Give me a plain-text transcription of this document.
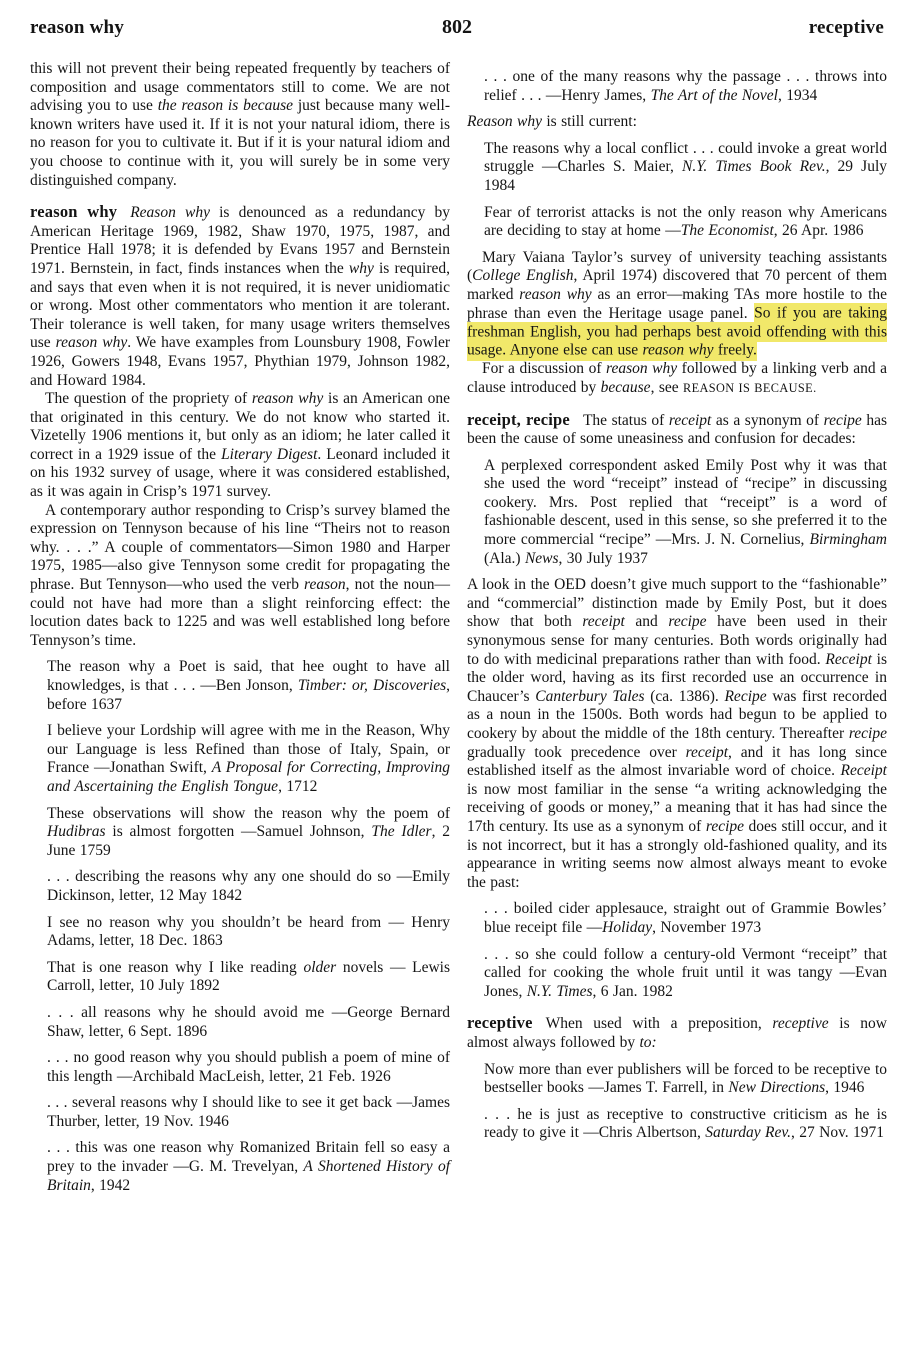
reason why	802	receptive

this will not prevent their being repeated frequently by teachers of composition and usage commentators still to come. We are not advising you to use the reason is because just because many well-known writers have used it. If it is not your natural idiom, there is no reason for you to cultivate it. But if it is your natural idiom and you choose to continue with it, you will surely be in some very distinguished company.

reason why Reason why is denounced as a redundancy by American Heritage 1969, 1982, Shaw 1970, 1975, 1987, and Prentice Hall 1978; it is defended by Evans 1957 and Bernstein 1971. Bernstein, in fact, finds instances when the why is required, and says that even when it is not required, it is never unidiomatic or wrong. Most other commentators who mention it are tolerant. Their tolerance is well taken, for many usage writers themselves use reason why. We have examples from Lounsbury 1908, Fowler 1926, Gowers 1948, Evans 1957, Phythian 1979, Johnson 1982, and Howard 1984.

The question of the propriety of reason why is an American one that originated in this century. We do not know who started it. Vizetelly 1906 mentions it, but only as an idiom; he later called it correct in a 1929 issue of the Literary Digest. Leonard included it on his 1932 survey of usage, where it was considered established, as it was again in Crisp’s 1971 survey.

A contemporary author responding to Crisp’s survey blamed the expression on Tennyson because of his line “Theirs not to reason why. . . .” A couple of commentators—Simon 1980 and Harper 1975, 1985—also give Tennyson some credit for propagating the phrase. But Tennyson—who used the verb reason, not the noun—could not have had more than a slight reinforcing effect: the locution dates back to 1225 and was well established long before Tennyson’s time.

The reason why a Poet is said, that hee ought to have all knowledges, is that . . . —Ben Jonson, Timber: or, Discoveries, before 1637

I believe your Lordship will agree with me in the Reason, Why our Language is less Refined than those of Italy, Spain, or France —Jonathan Swift, A Proposal for Correcting, Improving and Ascertaining the English Tongue, 1712

These observations will show the reason why the poem of Hudibras is almost forgotten —Samuel Johnson, The Idler, 2 June 1759

. . . describing the reasons why any one should do so —Emily Dickinson, letter, 12 May 1842

I see no reason why you shouldn’t be heard from — Henry Adams, letter, 18 Dec. 1863

That is one reason why I like reading older novels — Lewis Carroll, letter, 10 July 1892

. . . all reasons why he should avoid me —George Bernard Shaw, letter, 6 Sept. 1896

. . . no good reason why you should publish a poem of mine of this length —Archibald MacLeish, letter, 21 Feb. 1926

. . . several reasons why I should like to see it get back —James Thurber, letter, 19 Nov. 1946

. . . this was one reason why Romanized Britain fell so easy a prey to the invader —G. M. Trevelyan, A Shortened History of Britain, 1942

. . . one of the many reasons why the passage . . . throws into relief . . . —Henry James, The Art of the Novel, 1934

Reason why is still current:

The reasons why a local conflict . . . could invoke a great world struggle —Charles S. Maier, N.Y. Times Book Rev., 29 July 1984

Fear of terrorist attacks is not the only reason why Americans are deciding to stay at home —The Economist, 26 Apr. 1986

Mary Vaiana Taylor’s survey of university teaching assistants (College English, April 1974) discovered that 70 percent of them marked reason why as an error—making TAs more hostile to the phrase than even the Heritage usage panel. So if you are taking freshman English, you had perhaps best avoid offending with this usage. Anyone else can use reason why freely.

For a discussion of reason why followed by a linking verb and a clause introduced by because, see REASON IS BECAUSE.

receipt, recipe The status of receipt as a synonym of recipe has been the cause of some uneasiness and confusion for decades:

A perplexed correspondent asked Emily Post why it was that she used the word “receipt” instead of “recipe” in discussing cookery. Mrs. Post replied that “receipt” is a word of fashionable descent, used in this sense, so she preferred it to the more commercial “recipe” —Mrs. J. N. Cornelius, Birmingham (Ala.) News, 30 July 1937

A look in the OED doesn’t give much support to the “fashionable” and “commercial” distinction made by Emily Post, but it does show that both receipt and recipe have been used in their synonymous sense for many centuries. Both words originally had to do with medicinal preparations rather than with food. Receipt is the older word, having as its first recorded use an occurrence in Chaucer’s Canterbury Tales (ca. 1386). Recipe was first recorded as a noun in the 1500s. Both words had begun to be applied to cookery by about the middle of the 18th century. Thereafter recipe gradually took precedence over receipt, and it has long since established itself as the almost invariable word of choice. Receipt is now most familiar in the sense “a writing acknowledging the receiving of goods or money,” a meaning that it has had since the 17th century. Its use as a synonym of recipe does still occur, and it is not incorrect, but it has a strongly old-fashioned quality, and its appearance in writing seems now almost always meant to evoke the past:

. . . boiled cider applesauce, straight out of Grammie Bowles’ blue receipt file —Holiday, November 1973

. . . so she could follow a century-old Vermont “receipt” that called for cooking the whole fruit until it was tangy —Evan Jones, N.Y. Times, 6 Jan. 1982

receptive When used with a preposition, receptive is now almost always followed by to:

Now more than ever publishers will be forced to be receptive to bestseller books —James T. Farrell, in New Directions, 1946

. . . he is just as receptive to constructive criticism as he is ready to give it —Chris Albertson, Saturday Rev., 27 Nov. 1971
